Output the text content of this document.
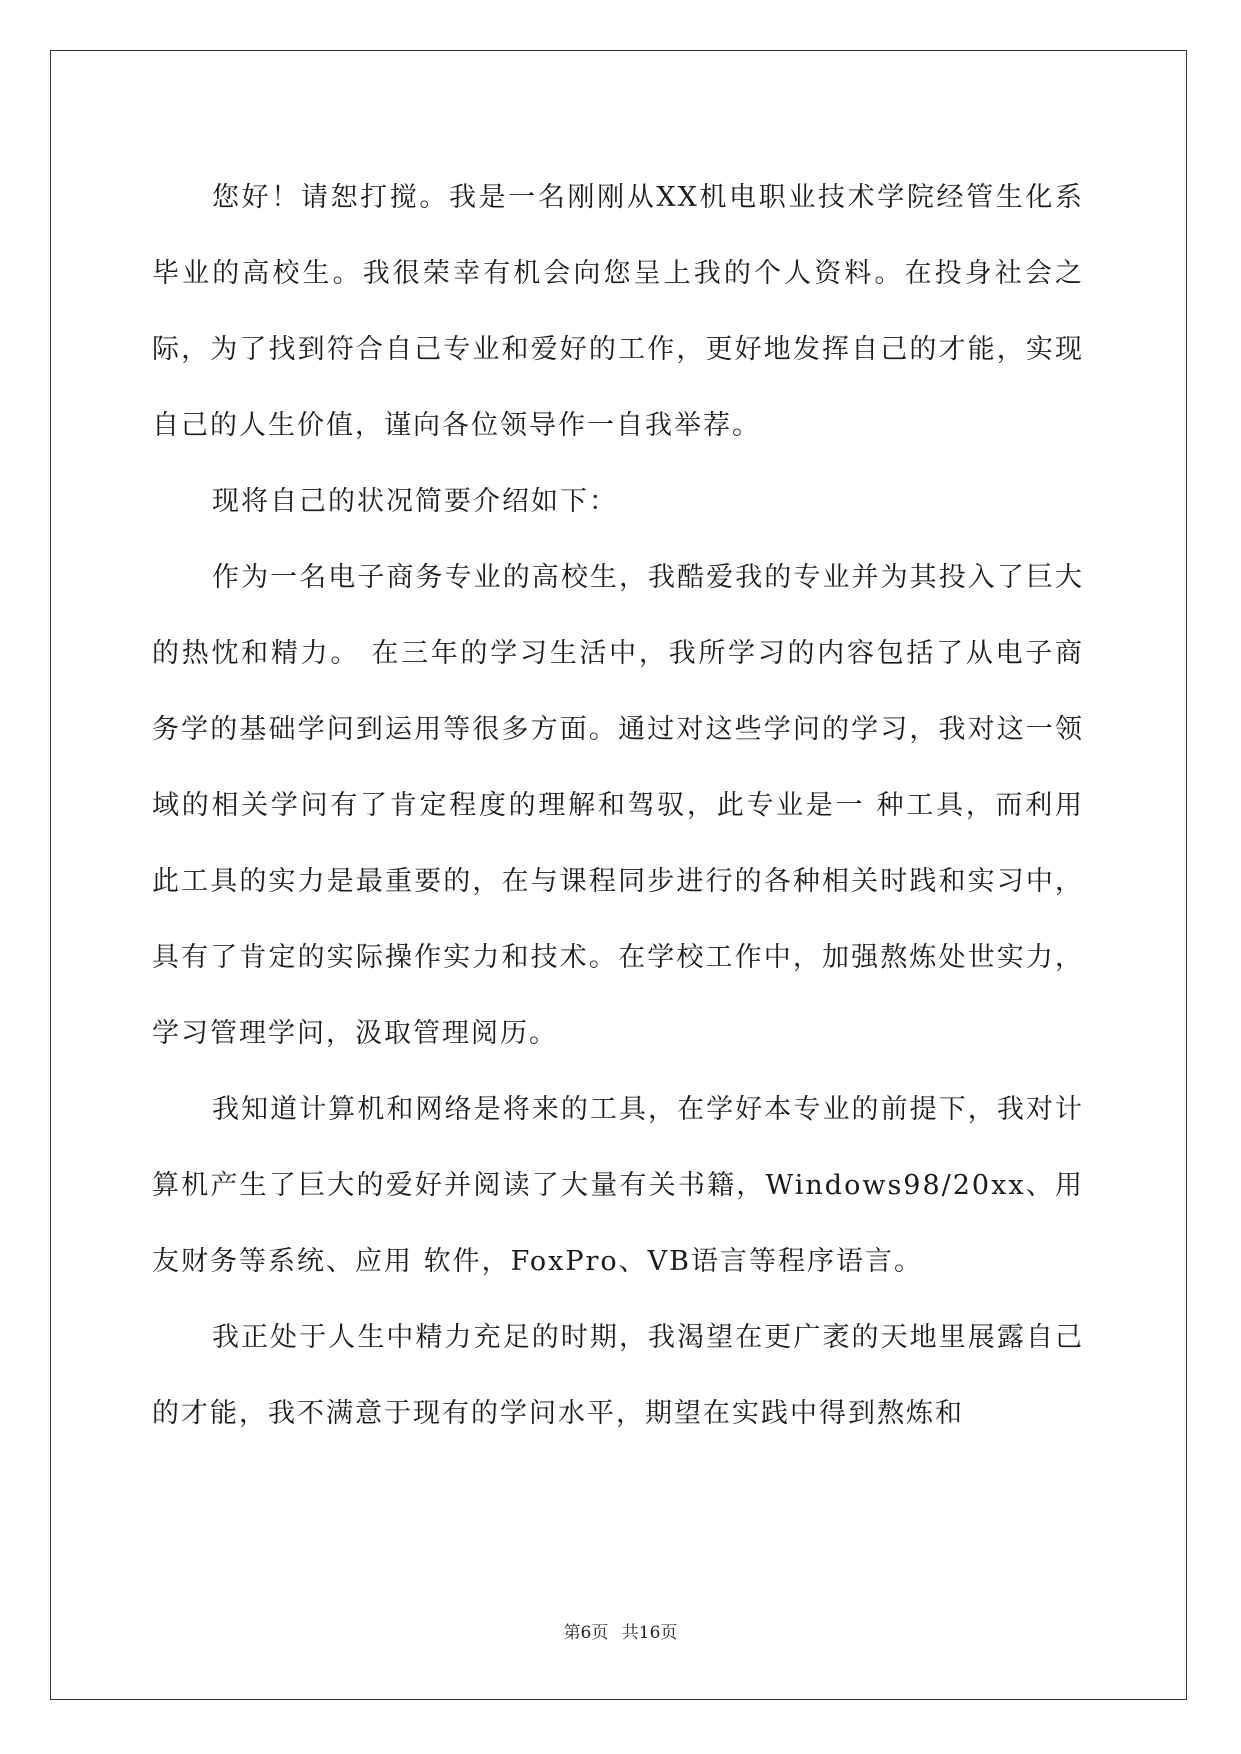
您好！请恕打搅。我是一名刚刚从XX机电职业技术学院经管生化系毕业的高校生。我很荣幸有机会向您呈上我的个人资料。在投身社会之际，为了找到符合自己专业和爱好的工作，更好地发挥自己的才能，实现自己的人生价值，谨向各位领导作一自我举荐。

现将自己的状况简要介绍如下：

作为一名电子商务专业的高校生，我酷爱我的专业并为其投入了巨大的热忱和精力。 在三年的学习生活中，我所学习的内容包括了从电子商务学的基础学问到运用等很多方面。通过对这些学问的学习，我对这一领域的相关学问有了肯定程度的理解和驾驭，此专业是一 种工具，而利用此工具的实力是最重要的，在与课程同步进行的各种相关时践和实习中， 具有了肯定的实际操作实力和技术。在学校工作中，加强熬炼处世实力，学习管理学问，汲取管理阅历。

我知道计算机和网络是将来的工具，在学好本专业的前提下，我对计算机产生了巨大的爱好并阅读了大量有关书籍，Windows98/20xx、用友财务等系统、应用 软件，FoxPro、VB语言等程序语言。

我正处于人生中精力充足的时期，我渴望在更广袤的天地里展露自己的才能，我不满意于现有的学问水平，期望在实践中得到熬炼和

第6页 共16页
